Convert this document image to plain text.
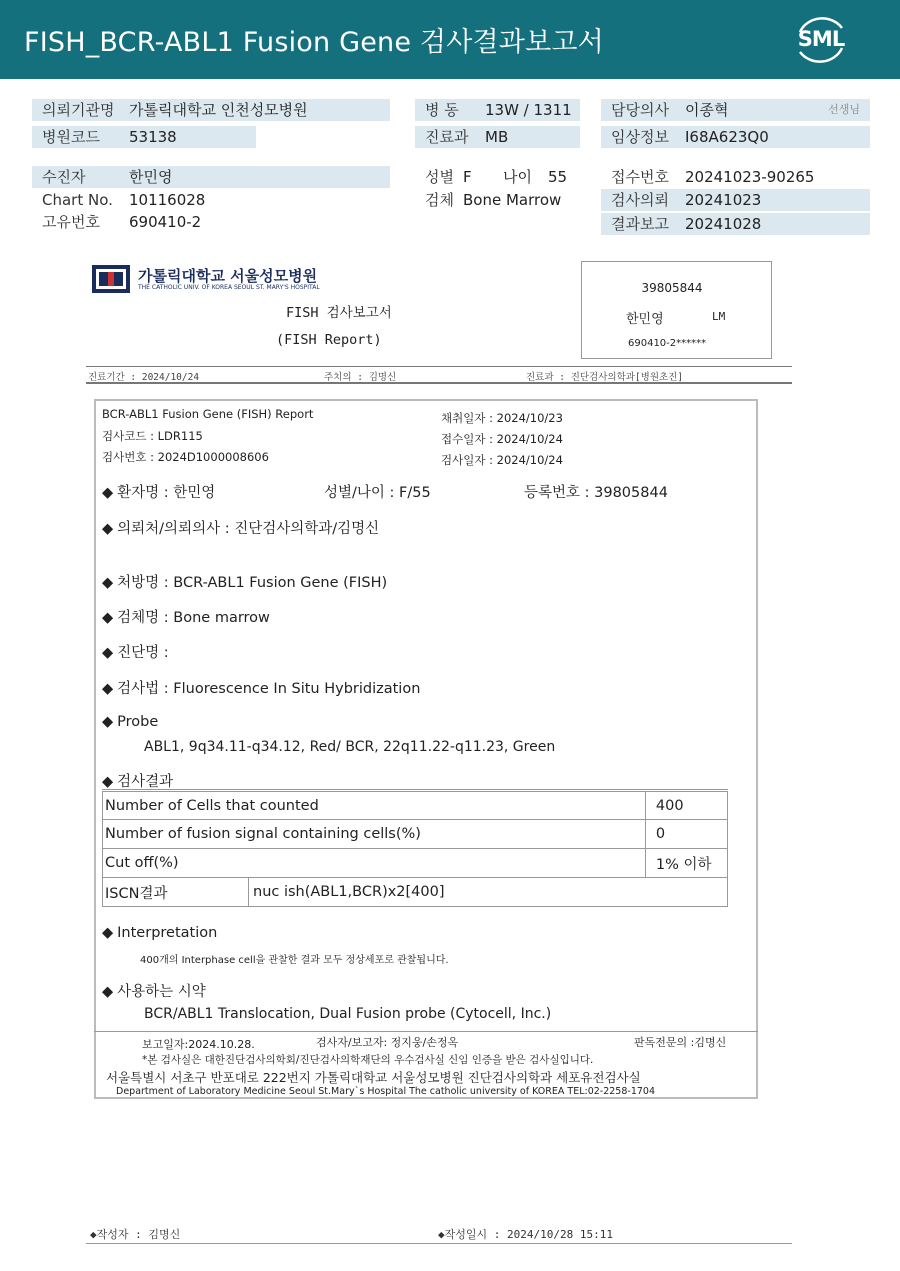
FISH_BCR-ABL1 Fusion Gene 검사결과보고서	SML
의뢰기관명 가톨릭대학교 인천성모병원
병원코드 53138
병 동 13W / 1311
진료과 MB
담당의사 이종혁	선생님
임상정보 I68A623Q0
수진자	한민영
Chart No. 10116028
고유번호 690410-2
성별 F 나이 55
검체 Bone Marrow
접수번호 20241023-90265
검사의뢰 20241023
결과보고 20241028
가톨릭대학교 서울성모병원
THE CATHOLIC UNIV. OF KOREA SEOUL ST. MARY'S HOSPITAL
FISH 검사보고서
(FISH Report)
39805844
한민영	LM
690410-2******
진료기간 : 2024/10/24	주치의 : 김명신	진료과 : 진단검사의학과[병원초진]
BCR-ABL1 Fusion Gene (FISH) Report
검사코드 : LDR115
검사번호 : 2024D1000008606
채취일자 : 2024/10/23
접수일자 : 2024/10/24
검사일자 : 2024/10/24
◆ 환자명 : 한민영	성별/나이 : F/55	등록번호 : 39805844
◆ 의뢰처/의뢰의사 : 진단검사의학과/김명신
◆ 처방명 : BCR-ABL1 Fusion Gene (FISH)
◆ 검체명 : Bone marrow
◆ 진단명 :
◆ 검사법 : Fluorescence In Situ Hybridization
◆ Probe
ABL1, 9q34.11-q34.12, Red/ BCR, 22q11.22-q11.23, Green
◆ 검사결과
Number of Cells that counted		400
Number of fusion signal containing cells(%)		0
Cut off(%)		1% 이하
ISCN결과	nuc ish(ABL1,BCR)x2[400]	
◆ Interpretation
400개의 Interphase cell을 관찰한 결과 모두 정상세포로 관찰됩니다.
◆ 사용하는 시약
BCR/ABL1 Translocation, Dual Fusion probe (Cytocell, Inc.)
보고일자:2024.10.28.	검사자/보고자: 정지웅/손정옥	판독전문의 :김명신
*본 검사실은 대한진단검사의학회/진단검사의학재단의 우수검사실 신임 인증을 받은 검사실입니다.
서울특별시 서초구 반포대로 222번지 가톨릭대학교 서울성모병원 진단검사의학과 세포유전검사실
Department of Laboratory Medicine Seoul St.Mary`s Hospital The catholic university of KOREA TEL:02-2258-1704
◆작성자 : 김명신	◆작성일시 : 2024/10/28 15:11
